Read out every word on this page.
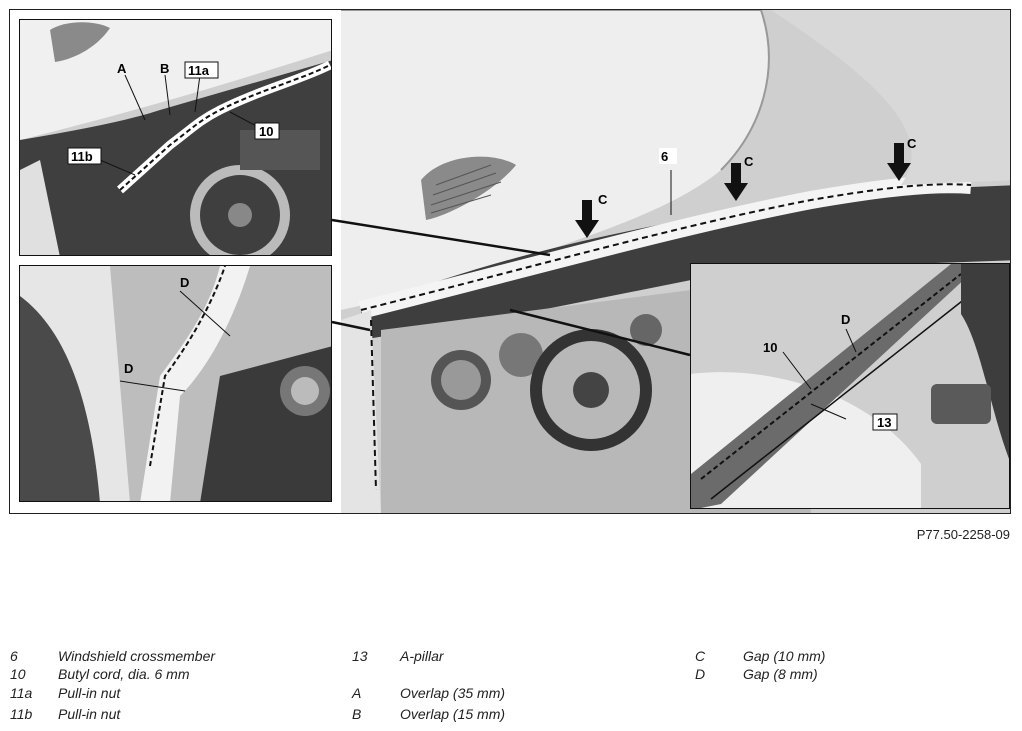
C
C
C
6
A	B 11a
10
11b
D
D
10
D
13
P77.50-2258-09
6	Windshield crossmember
10 Butyl cord, dia. 6 mm
11a Pull-in nut
11b Pull-in nut
13 A-pillar
A	Overlap (35 mm)
B	Overlap (15 mm)
C	Gap (10 mm)
D	Gap (8 mm)
